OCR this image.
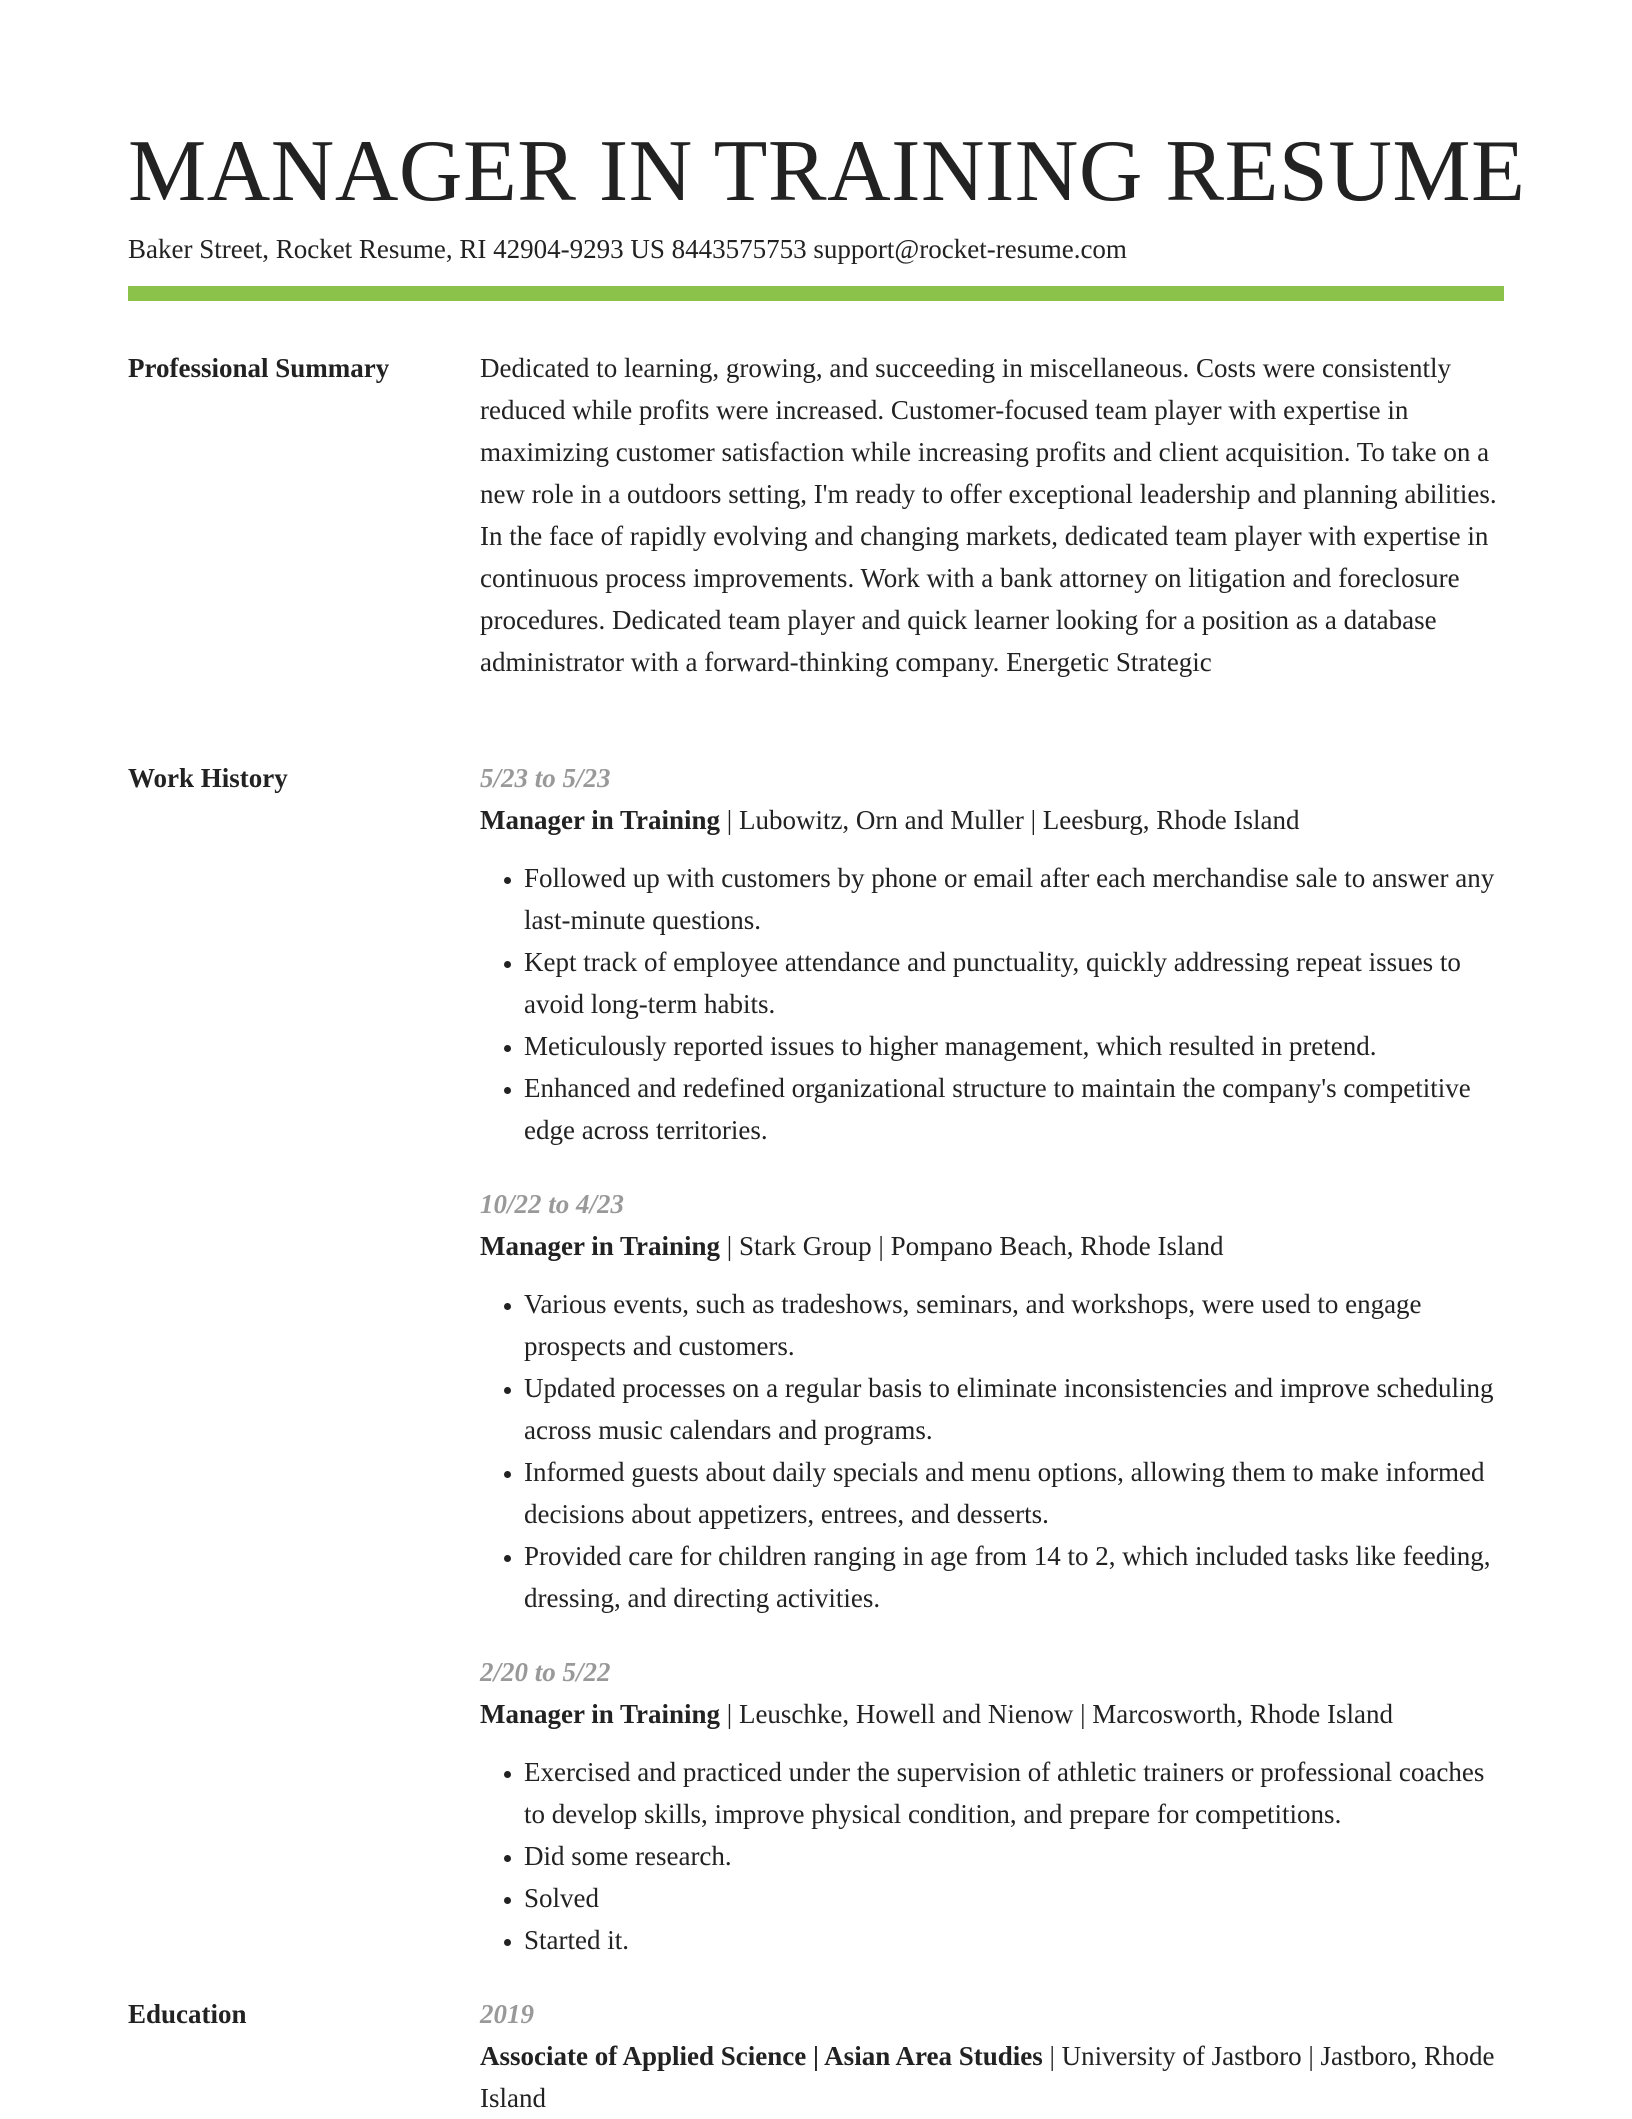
MANAGER IN TRAINING RESUME
Baker Street, Rocket Resume, RI 42904-9293 US 8443575753 support@rocket-resume.com
Professional Summary	Dedicated to learning, growing, and succeeding in miscellaneous. Costs were consistently reduced while profits were increased. Customer-focused team player with expertise in maximizing customer satisfaction while increasing profits and client acquisition. To take on a new role in a outdoors setting, I'm ready to offer exceptional leadership and planning abilities. In the face of rapidly evolving and changing markets, dedicated team player with expertise in continuous process improvements. Work with a bank attorney on litigation and foreclosure procedures. Dedicated team player and quick learner looking for a position as a database administrator with a forward-thinking company. Energetic Strategic

Work History	5/23 to 5/23

Manager in Training | Lubowitz, Orn and Muller | Leesburg, Rhode Island

• Followed up with customers by phone or email after each merchandise sale to answer any last-minute questions.
• Kept track of employee attendance and punctuality, quickly addressing repeat issues to avoid long-term habits.
• Meticulously reported issues to higher management, which resulted in pretend.
• Enhanced and redefined organizational structure to maintain the company's competitive edge across territories.

10/22 to 4/23

Manager in Training | Stark Group | Pompano Beach, Rhode Island

• Various events, such as tradeshows, seminars, and workshops, were used to engage prospects and customers.
• Updated processes on a regular basis to eliminate inconsistencies and improve scheduling across music calendars and programs.
• Informed guests about daily specials and menu options, allowing them to make informed decisions about appetizers, entrees, and desserts.
• Provided care for children ranging in age from 14 to 2, which included tasks like feeding, dressing, and directing activities.

2/20 to 5/22

Manager in Training | Leuschke, Howell and Nienow | Marcosworth, Rhode Island

• Exercised and practiced under the supervision of athletic trainers or professional coaches to develop skills, improve physical condition, and prepare for competitions.
• Did some research.
• Solved
• Started it.
Education	2019

Associate of Applied Science | Asian Area Studies | University of Jastboro | Jastboro, Rhode Island
